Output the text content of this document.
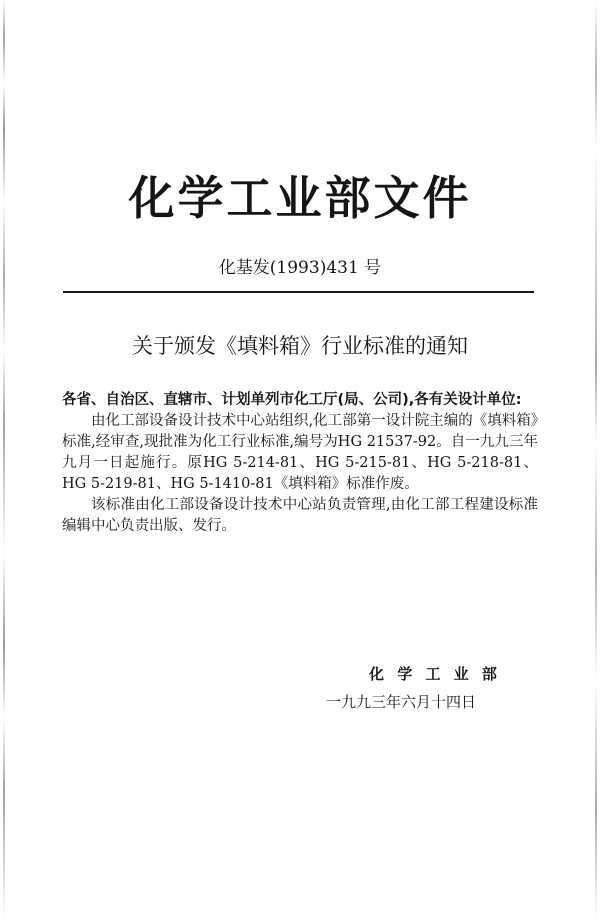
化学工业部文件
化基发(1993)431 号
关于颁发《填料箱》行业标准的通知

各省、自治区、直辖市、计划单列市化工厅(局、公司),各有关设计单位:

由化工部设备设计技术中心站组织,化工部第一设计院主编的《填料箱》标准,经审查,现批准为化工行业标准,编号为HG 21537-92。自一九九三年九月一日起施行。原HG 5-214-81、HG 5-215-81、HG 5-218-81、HG 5-219-81、HG 5-1410-81《填料箱》标准作废。

该标准由化工部设备设计技术中心站负责管理,由化工部工程建设标准编辑中心负责出版、发行。

化 学 工 业 部
一九九三年六月十四日
